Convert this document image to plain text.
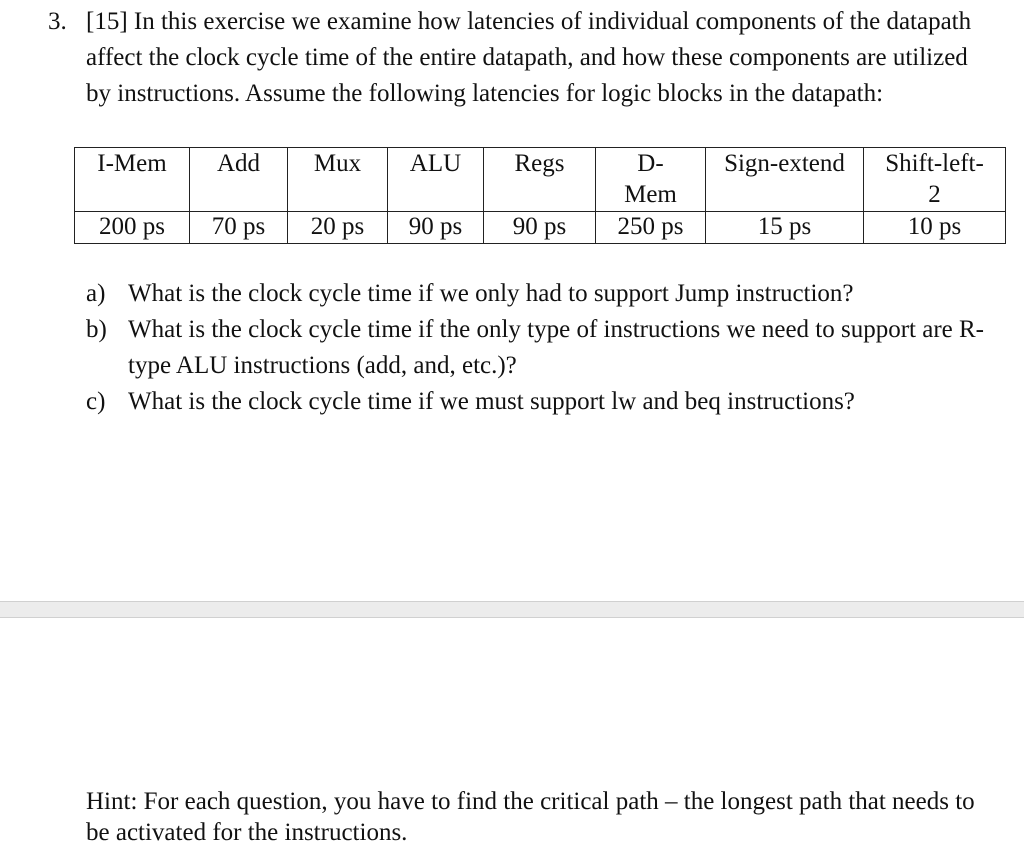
3. [15] In this exercise we examine how latencies of individual components of the datapath affect the clock cycle time of the entire datapath, and how these components are utilized by instructions. Assume the following latencies for logic blocks in the datapath:
I-Mem	Add	Mux	ALU	Regs	D-Mem	Sign-extend	Shift-left-2
200 ps	70 ps	20 ps	90 ps	90 ps	250 ps	15 ps	10 ps
a) What is the clock cycle time if we only had to support Jump instruction?
b) What is the clock cycle time if the only type of instructions we need to support are R-type ALU instructions (add, and, etc.)?
c) What is the clock cycle time if we must support lw and beq instructions?
Hint: For each question, you have to find the critical path – the longest path that needs to be activated for the instructions.
